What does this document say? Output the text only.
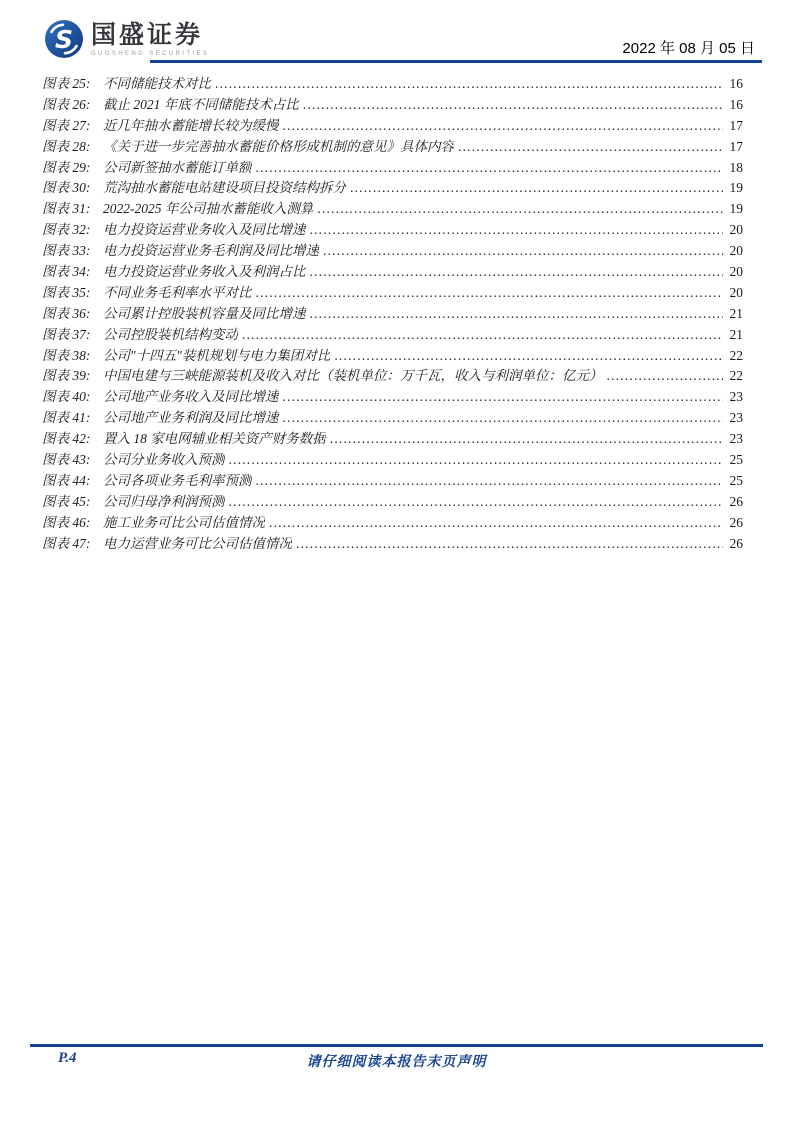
S 国盛证券
GUOSHENG SECURITIES	2022 年 08 月 05 日
图表 25: 不同储能技术对比 .....	16
图表 26: 截止 2021 年底不同储能技术占比 .....	16
图表 27: 近几年抽水蓄能增长较为缓慢 .....	17
图表 28: 《关于进一步完善抽水蓄能价格形成机制的意见》具体内容 .....	17
图表 29: 公司新签抽水蓄能订单额 .....	18
图表 30: 荒沟抽水蓄能电站建设项目投资结构拆分 .....	19
图表 31: 2022-2025 年公司抽水蓄能收入测算 .....	19
图表 32: 电力投资运营业务收入及同比增速 .....	20
图表 33: 电力投资运营业务毛利润及同比增速 .....	20
图表 34: 电力投资运营业务收入及利润占比 .....	20
图表 35: 不同业务毛利率水平对比 .....	20
图表 36: 公司累计控股装机容量及同比增速 .....	21
图表 37: 公司控股装机结构变动 .....	21
图表 38: 公司"十四五"装机规划与电力集团对比 .....	22
图表 39: 中国电建与三峡能源装机及收入对比（装机单位：万千瓦，收入与利润单位：亿元） .....	22
图表 40: 公司地产业务收入及同比增速 .....	23
图表 41: 公司地产业务利润及同比增速 .....	23
图表 42: 置入 18 家电网辅业相关资产财务数据 .....	23
图表 43: 公司分业务收入预测 .....	25
图表 44: 公司各项业务毛利率预测 .....	25
图表 45: 公司归母净利润预测 .....	26
图表 46: 施工业务可比公司估值情况 .....	26
图表 47: 电力运营业务可比公司估值情况 .....	26
P.4	请仔细阅读本报告末页声明
